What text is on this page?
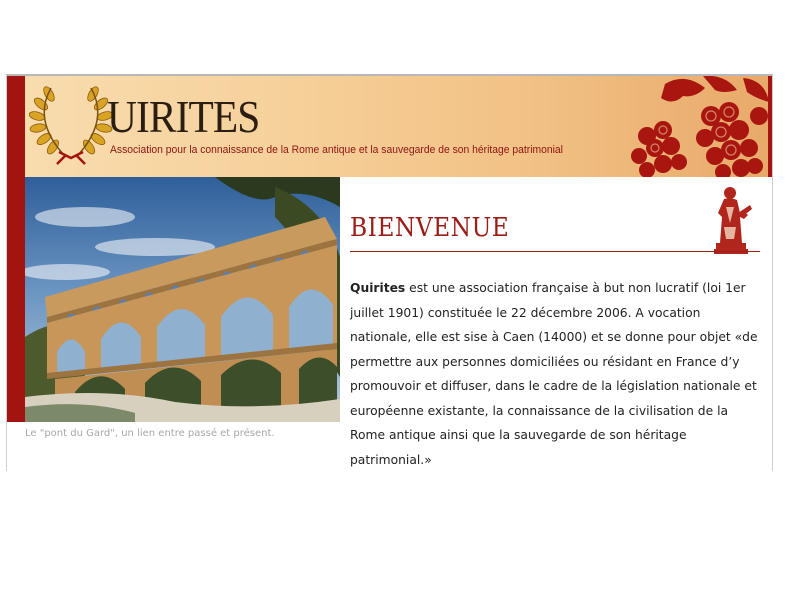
UIRITES
Association pour la connaissance de la Rome antique et la sauvegarde de son héritage patrimonial
Le "pont du Gard", un lien entre passé et présent.
BIENVENUE

Quirites est une association française à but non lucratif (loi 1er juillet 1901) constituée le 22 décembre 2006. A vocation nationale, elle est sise à Caen (14000) et se donne pour objet «de permettre aux personnes domiciliées ou résidant en France d’y promouvoir et diffuser, dans le cadre de la législation nationale et européenne existante, la connaissance de la civilisation de la Rome antique ainsi que la sauvegarde de son héritage patrimonial.»
